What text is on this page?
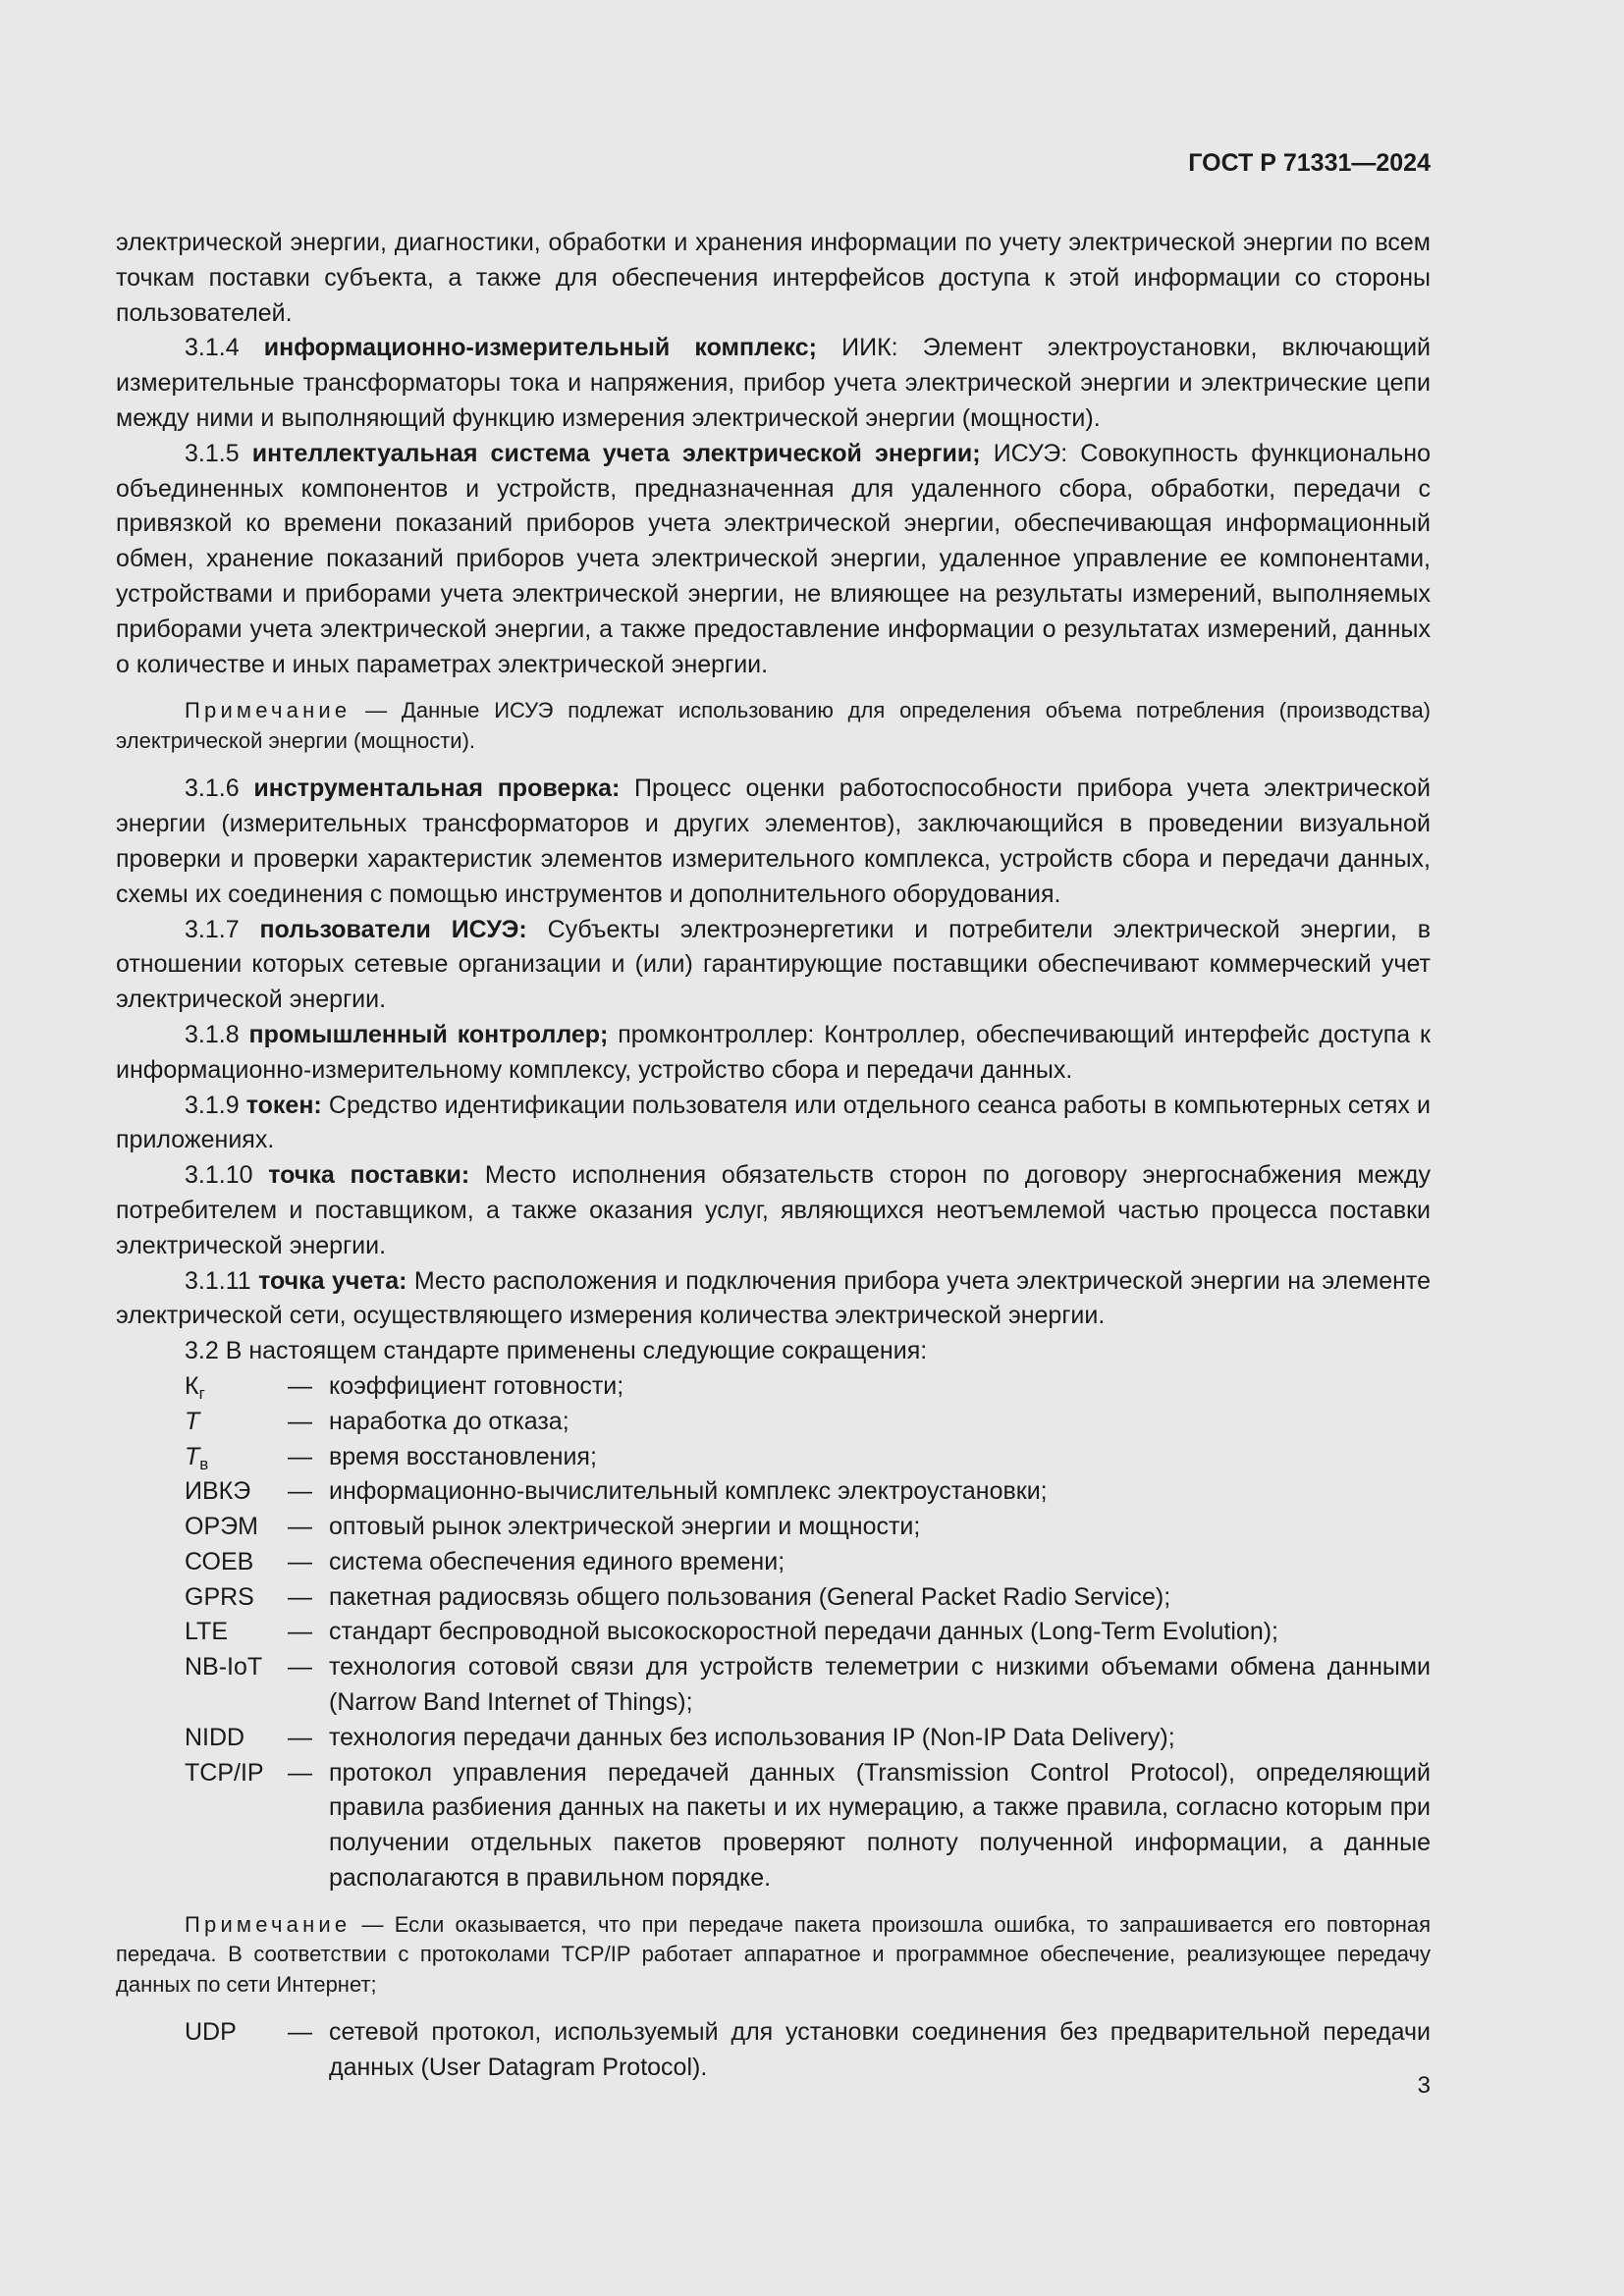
ГОСТ Р 71331—2024

электрической энергии, диагностики, обработки и хранения информации по учету электрической энергии по всем точкам поставки субъекта, а также для обеспечения интерфейсов доступа к этой информации со стороны пользователей.

3.1.4 информационно-измерительный комплекс; ИИК: Элемент электроустановки, включающий измерительные трансформаторы тока и напряжения, прибор учета электрической энергии и электрические цепи между ними и выполняющий функцию измерения электрической энергии (мощности).

3.1.5 интеллектуальная система учета электрической энергии; ИСУЭ: Совокупность функционально объединенных компонентов и устройств, предназначенная для удаленного сбора, обработки, передачи с привязкой ко времени показаний приборов учета электрической энергии, обеспечивающая информационный обмен, хранение показаний приборов учета электрической энергии, удаленное управление ее компонентами, устройствами и приборами учета электрической энергии, не влияющее на результаты измерений, выполняемых приборами учета электрической энергии, а также предоставление информации о результатах измерений, данных о количестве и иных параметрах электрической энергии.

Примечание — Данные ИСУЭ подлежат использованию для определения объема потребления (производства) электрической энергии (мощности).

3.1.6 инструментальная проверка: Процесс оценки работоспособности прибора учета электрической энергии (измерительных трансформаторов и других элементов), заключающийся в проведении визуальной проверки и проверки характеристик элементов измерительного комплекса, устройств сбора и передачи данных, схемы их соединения с помощью инструментов и дополнительного оборудования.

3.1.7 пользователи ИСУЭ: Субъекты электроэнергетики и потребители электрической энергии, в отношении которых сетевые организации и (или) гарантирующие поставщики обеспечивают коммерческий учет электрической энергии.

3.1.8 промышленный контроллер; промконтроллер: Контроллер, обеспечивающий интерфейс доступа к информационно-измерительному комплексу, устройство сбора и передачи данных.

3.1.9 токен: Средство идентификации пользователя или отдельного сеанса работы в компьютерных сетях и приложениях.

3.1.10 точка поставки: Место исполнения обязательств сторон по договору энергоснабжения между потребителем и поставщиком, а также оказания услуг, являющихся неотъемлемой частью процесса поставки электрической энергии.

3.1.11 точка учета: Место расположения и подключения прибора учета электрической энергии на элементе электрической сети, осуществляющего измерения количества электрической энергии.

3.2 В настоящем стандарте применены следующие сокращения:

$К_г$	— коэффициент готовности;
T	— наработка до отказа;
$T_в$	— время восстановления;
ИВКЭ	— информационно-вычислительный комплекс электроустановки;
ОРЭМ	— оптовый рынок электрической энергии и мощности;
СОЕВ	— система обеспечения единого времени;
GPRS	— пакетная радиосвязь общего пользования (General Packet Radio Service);
LTE	— стандарт беспроводной высокоскоростной передачи данных (Long-Term Evolution);
NB-IoT	— технология сотовой связи для устройств телеметрии с низкими объемами обмена данными (Narrow Band Internet of Things);
NIDD	— технология передачи данных без использования IP (Non-IP Data Delivery);
TCP/IP — протокол управления передачей данных (Transmission Control Protocol), определяющий правила разбиения данных на пакеты и их нумерацию, а также правила, согласно которым при получении отдельных пакетов проверяют полноту полученной информации, а данные располагаются в правильном порядке.

Примечание — Если оказывается, что при передаче пакета произошла ошибка, то запрашивается его повторная передача. В соответствии с протоколами TCP/IP работает аппаратное и программное обеспечение, реализующее передачу данных по сети Интернет;

UDP	— сетевой протокол, используемый для установки соединения без предварительной передачи данных (User Datagram Protocol).
3
